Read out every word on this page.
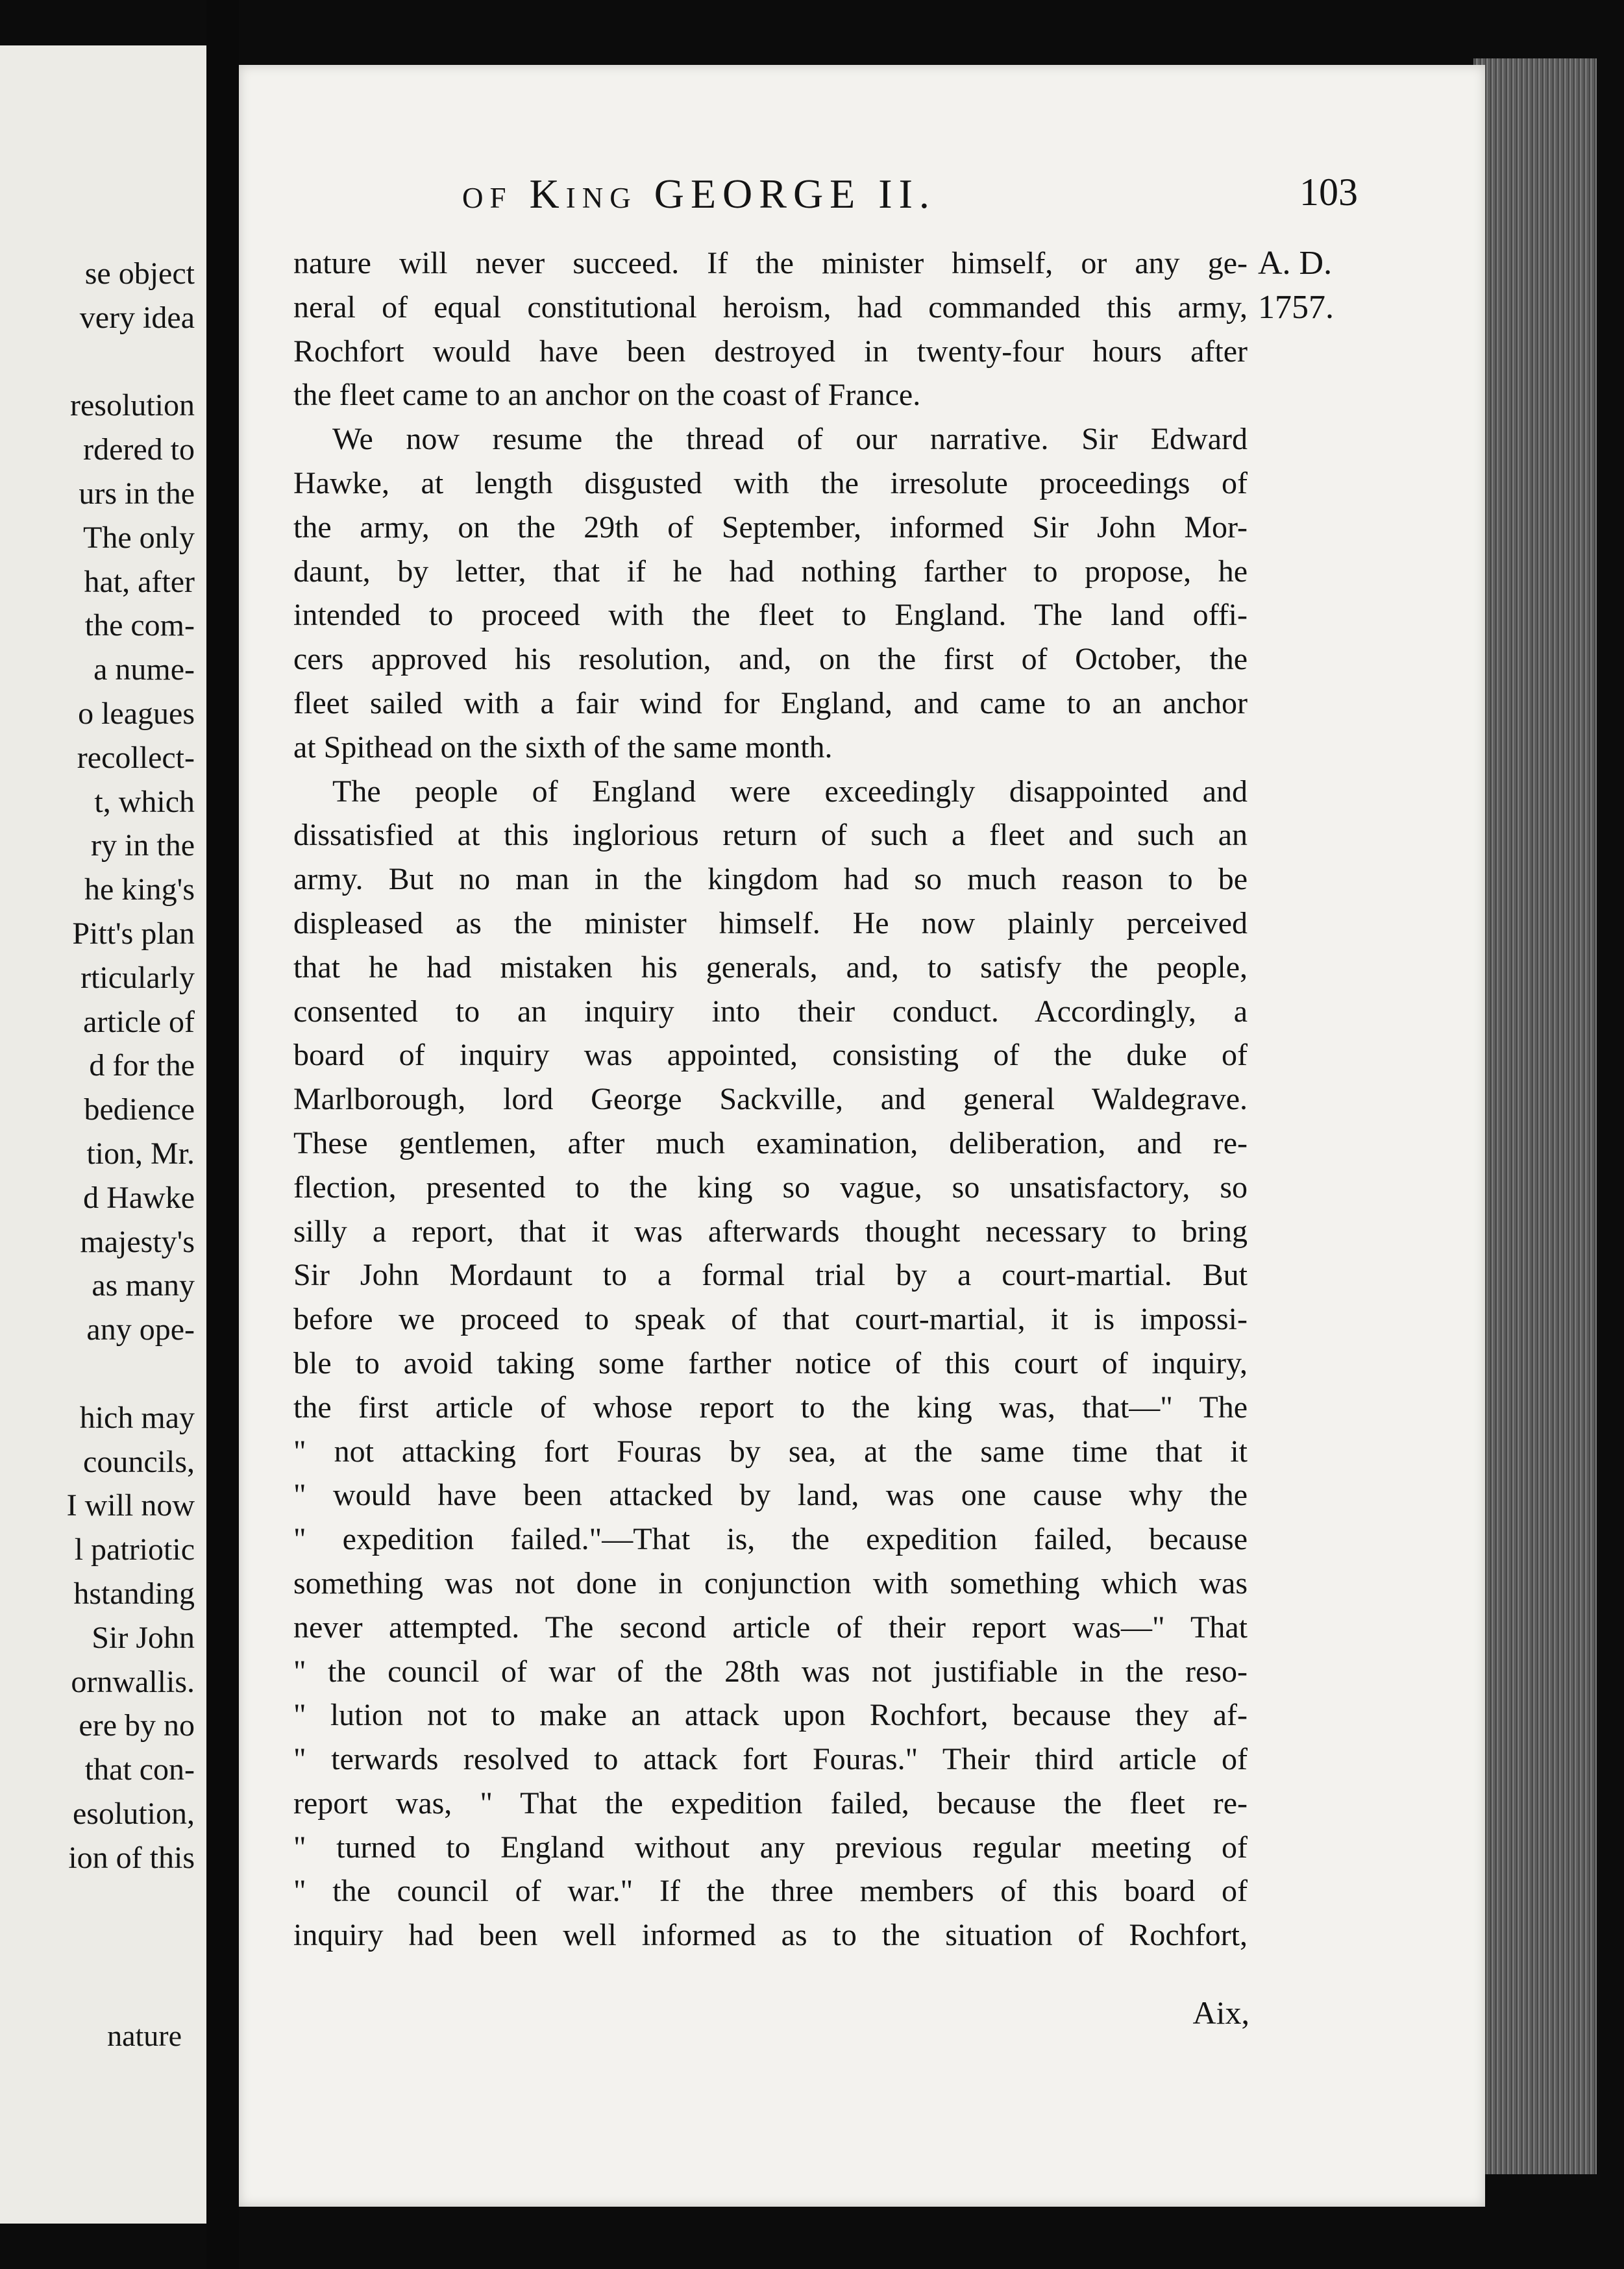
se object
very idea
resolution
rdered to
urs in the
The only
hat, after
the com-
a nume-
o leagues
recollect-
t, which
ry in the
he king's
Pitt's plan
rticularly
article of
d for the
bedience
tion, Mr.
d Hawke
majesty's
as many
any ope-
hich may
councils,
I will now
l patriotic
hstanding
Sir John
ornwallis.
ere by no
that con-
esolution,
ion of this
nature
of King GEORGE II.	103
A. D.
1757.
nature will never succeed. If the minister himself, or any ge-
neral of equal constitutional heroism, had commanded this army,
Rochfort would have been destroyed in twenty-four hours after
the fleet came to an anchor on the coast of France.
We now resume the thread of our narrative. Sir Edward
Hawke, at length disgusted with the irresolute proceedings of
the army, on the 29th of September, informed Sir John Mor-
daunt, by letter, that if he had nothing farther to propose, he
intended to proceed with the fleet to England. The land offi-
cers approved his resolution, and, on the first of October, the
fleet sailed with a fair wind for England, and came to an anchor
at Spithead on the sixth of the same month.
The people of England were exceedingly disappointed and
dissatisfied at this inglorious return of such a fleet and such an
army. But no man in the kingdom had so much reason to be
displeased as the minister himself. He now plainly perceived
that he had mistaken his generals, and, to satisfy the people,
consented to an inquiry into their conduct. Accordingly, a
board of inquiry was appointed, consisting of the duke of
Marlborough, lord George Sackville, and general Waldegrave.
These gentlemen, after much examination, deliberation, and re-
flection, presented to the king so vague, so unsatisfactory, so
silly a report, that it was afterwards thought necessary to bring
Sir John Mordaunt to a formal trial by a court-martial. But
before we proceed to speak of that court-martial, it is impossi-
ble to avoid taking some farther notice of this court of inquiry,
the first article of whose report to the king was, that—" The
" not attacking fort Fouras by sea, at the same time that it
" would have been attacked by land, was one cause why the
" expedition failed."—That is, the expedition failed, because
something was not done in conjunction with something which was
never attempted. The second article of their report was—" That
" the council of war of the 28th was not justifiable in the reso-
" lution not to make an attack upon Rochfort, because they af-
" terwards resolved to attack fort Fouras." Their third article of
report was, " That the expedition failed, because the fleet re-
" turned to England without any previous regular meeting of
" the council of war." If the three members of this board of
inquiry had been well informed as to the situation of Rochfort,
Aix,
